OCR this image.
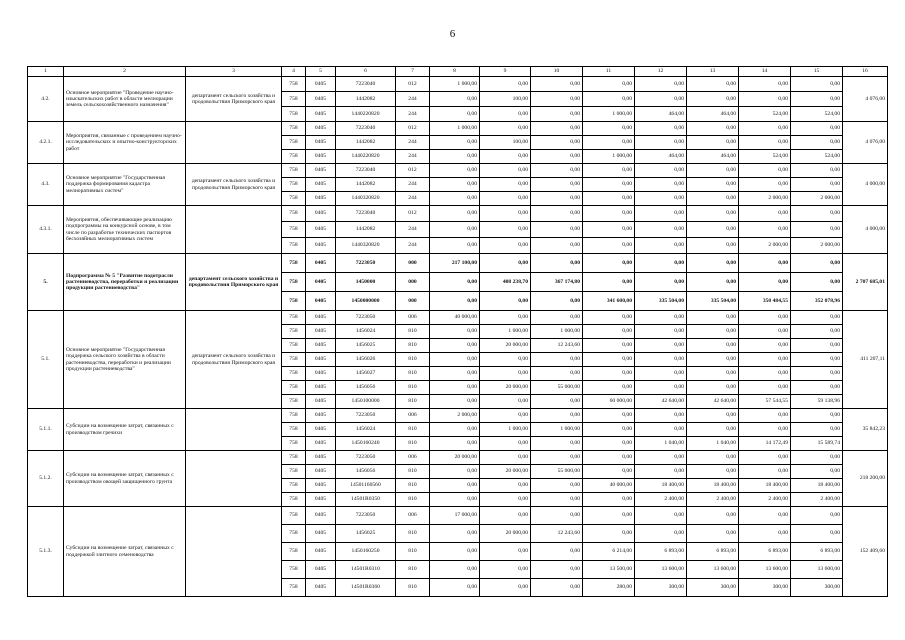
6
1	2	3	4	5	6	7	8	9	10	11	12	13	14	15	16
4.2.	Основное мероприятие "Проведение научно-изыскательских работ в области мелиорации земель сельскохозяйственного назначения"	департамент сельского хозяйства и продовольствия Приморского края	758	0405	7223040	012	1 000,00	0,00	0,00	0,00	0,00	0,00	0,00	0,00	4 076,00
			758	0405	1442082	244	0,00	100,00	0,00	0,00	0,00	0,00	0,00	0,00	
			758	0405	1440220820	244	0,00	0,00	0,00	1 000,00	464,00	464,00	524,00	524,00	
4.2.1.	Мероприятия, связанные с проведением научно-исследовательских и опытно-конструкторских работ		758	0405	7223040	012	1 000,00	0,00	0,00	0,00	0,00	0,00	0,00	0,00	4 076,00
			758	0405	1442082	244	0,00	100,00	0,00	0,00	0,00	0,00	0,00	0,00	
			758	0405	1440220820	244	0,00	0,00	0,00	1 000,00	464,00	464,00	524,00	524,00	
4.3.	Основное мероприятие "Государственная поддержка формирования кадастра мелиоративных систем"	департамент сельского хозяйства и продовольствия Приморского края	758	0405	7223040	012	0,00	0,00	0,00	0,00	0,00	0,00	0,00	0,00	4 000,00
			758	0405	1442082	244	0,00	0,00	0,00	0,00	0,00	0,00	0,00	0,00	
			758	0405	1440320820	244	0,00	0,00	0,00	0,00	0,00	0,00	2 000,00	2 000,00	
4.3.1.	Мероприятия, обеспечивающие реализацию подпрограммы на конкурсной основе, в том числе по разработке технических паспортов бесхозяйных мелиоративных систем		758	0405	7223040	012	0,00	0,00	0,00	0,00	0,00	0,00	0,00	0,00	4 000,00
			758	0405	1442082	244	0,00	0,00	0,00	0,00	0,00	0,00	0,00	0,00	
			758	0405	1440320820	244	0,00	0,00	0,00	0,00	0,00	0,00	2 000,00	2 000,00	
5.	Подпрограмма № 5 "Развитие подотрасли растениеводства, переработки и реализации продукции растениеводства"	департамент сельского хозяйства и продовольствия Приморского края	758	0405	7223050	000	217 100,00	0,00	0,00	0,00	0,00	0,00	0,00	0,00	2 707 685,01
			758	0405	1450000	000	0,00	408 238,70	367 174,80	0,00	0,00	0,00	0,00	0,00	
			758	0405	1450000000	000	0,00	0,00	0,00	341 600,00	335 504,00	335 504,00	350 484,55	352 078,96	
5.1.	Основное мероприятие "Государственная поддержка сельского хозяйства в области растениеводства, переработки и реализации продукции растениеводства"	департамент сельского хозяйства и продовольствия Приморского края	758	0405	7223050	006	40 000,00	0,00	0,00	0,00	0,00	0,00	0,00	0,00	411 207,11
			758	0405	1456024	810	0,00	1 000,00	1 000,00	0,00	0,00	0,00	0,00	0,00	
			758	0405	1456025	810	0,00	20 000,00	12 243,60	0,00	0,00	0,00	0,00	0,00	
			758	0405	1456026	810	0,00	0,00	0,00	0,00	0,00	0,00	0,00	0,00	
			758	0405	1456027	810	0,00	0,00	0,00	0,00	0,00	0,00	0,00	0,00	
			758	0405	1456056	810	0,00	20 000,00	55 000,00	0,00	0,00	0,00	0,00	0,00	
			758	0405	1450100000	810	0,00	0,00	0,00	60 000,00	42 640,00	42 640,00	57 544,55	59 138,96	
5.1.1.	Субсидии на возмещение затрат, связанных с производством гречихи		758	0405	7223050	006	2 000,00	0,00	0,00	0,00	0,00	0,00	0,00	0,00	35 842,23
			758	0405	1456024	810	0,00	1 000,00	1 000,00	0,00	0,00	0,00	0,00	0,00	
			758	0405	1450160240	810	0,00	0,00	0,00	0,00	1 040,00	1 040,00	14 172,49	15 589,74	
5.1.2.	Субсидии на возмещение затрат, связанных с производством овощей защищенного грунта		758	0405	7223050	006	20 000,00	0,00	0,00	0,00	0,00	0,00	0,00	0,00	218 200,00
			758	0405	1456056	810	0,00	20 000,00	55 000,00	0,00	0,00	0,00	0,00	0,00	
			758	0405	14501160560	810	0,00	0,00	0,00	40 000,00	18 400,00	18 400,00	18 400,00	18 400,00	
			758	0405	14501R0350	810	0,00	0,00	0,00	0,00	2 400,00	2 400,00	2 400,00	2 400,00	
5.1.3.	Субсидии на возмещение затрат, связанных с поддержкой элитного семеноводства		758	0405	7223050	006	17 000,00	0,00	0,00	0,00	0,00	0,00	0,00	0,00	152 409,60
			758	0405	1456025	810	0,00	20 000,00	12 243,60	0,00	0,00	0,00	0,00	0,00	
			758	0405	1450160250	810	0,00	0,00	0,00	6 214,00	6 893,00	6 893,00	6 893,00	6 893,00	
			758	0405	14501R0310	810	0,00	0,00	0,00	13 500,00	13 600,00	13 600,00	13 600,00	13 600,00	
			758	0405	14501R0360	810	0,00	0,00	0,00	280,00	300,00	300,00	300,00	300,00	
